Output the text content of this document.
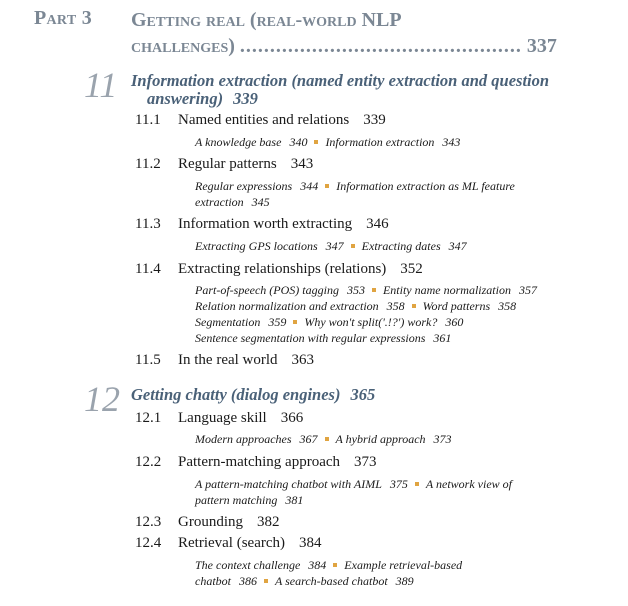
Part 3 Getting real (real-world NLP
challenges) ............................................... 337
11 Information extraction (named entity extraction and question
answering) 339
11.1 Named entities and relations 339
A knowledge base 340 Information extraction 343
11.2 Regular patterns 343
Regular expressions 344 Information extraction as ML feature
extraction 345
11.3 Information worth extracting 346
Extracting GPS locations 347 Extracting dates 347
11.4 Extracting relationships (relations) 352
Part-of-speech (POS) tagging 353 Entity name normalization 357
Relation normalization and extraction 358 Word patterns 358
Segmentation 359 Why won't split('.!?') work? 360
Sentence segmentation with regular expressions 361
11.5 In the real world 363
12 Getting chatty (dialog engines) 365
12.1 Language skill 366
Modern approaches 367 A hybrid approach 373
12.2 Pattern-matching approach 373
A pattern-matching chatbot with AIML 375 A network view of
pattern matching 381
12.3 Grounding 382
12.4 Retrieval (search) 384
The context challenge 384 Example retrieval-based
chatbot 386 A search-based chatbot 389
